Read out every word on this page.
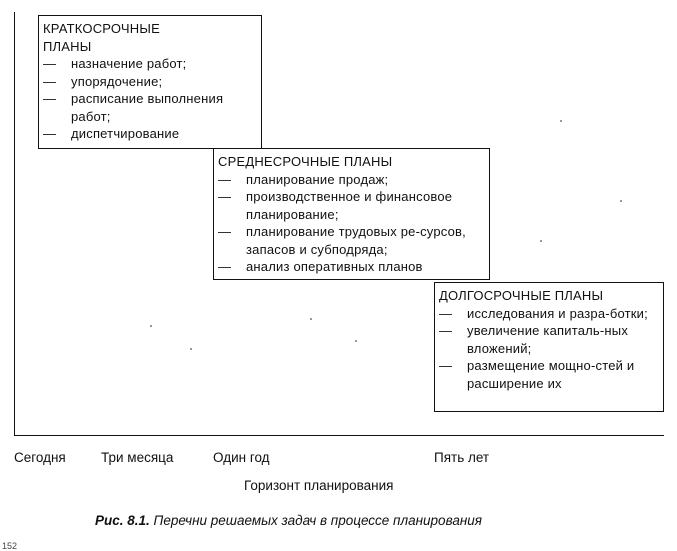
КРАТКОСРОЧНЫЕ
ПЛАНЫ
— назначение работ;
— упорядочение;
— расписание выполнения работ;
— диспетчирование
СРЕДНЕСРОЧНЫЕ ПЛАНЫ
— планирование продаж;
— производственное и финансовое планирование;
— планирование трудовых ре-сурсов, запасов и субподряда;
— анализ оперативных планов
ДОЛГОСРОЧНЫЕ ПЛАНЫ
— исследования и разра-ботки;
— увеличение капиталь-ных вложений;
— размещение мощно-стей и расширение их
Сегодня	Три месяца	Один год	Пять лет
Горизонт планирования
Рис. 8.1. Перечни решаемых задач в процессе планирования
152
